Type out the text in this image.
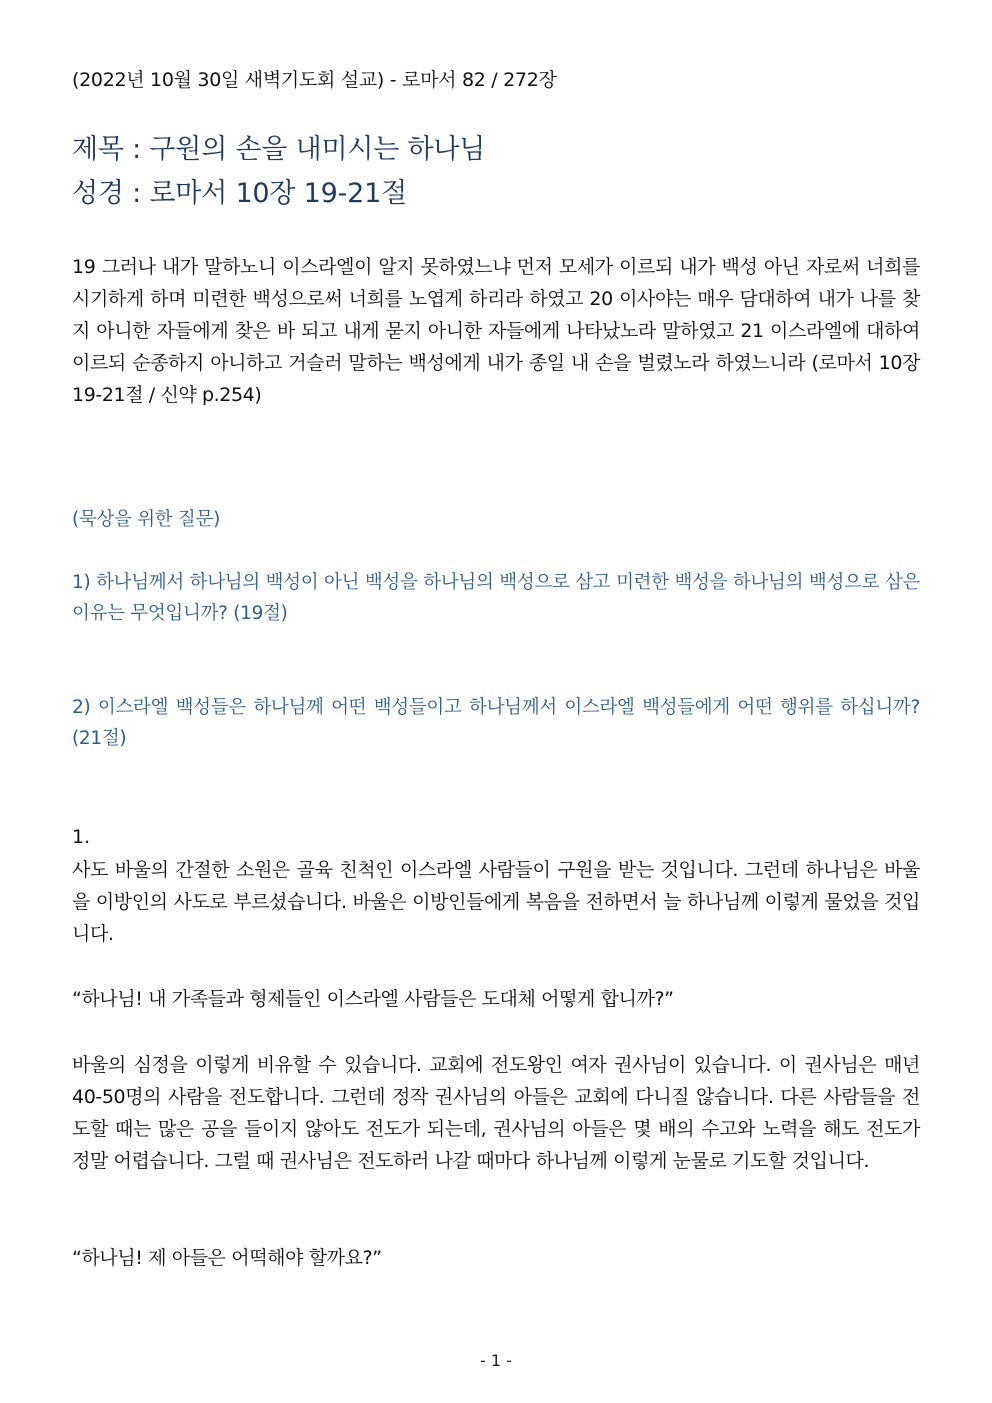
(2022년 10월 30일 새벽기도회 설교) - 로마서 82 / 272장

제목 : 구원의 손을 내미시는 하나님

성경 : 로마서 10장 19-21절

19 그러나 내가 말하노니 이스라엘이 알지 못하였느냐 먼저 모세가 이르되 내가 백성 아닌 자로써 너희를 시기하게 하며 미련한 백성으로써 너희를 노엽게 하리라 하였고 20 이사야는 매우 담대하여 내가 나를 찾지 아니한 자들에게 찾은 바 되고 내게 묻지 아니한 자들에게 나타났노라 말하였고 21 이스라엘에 대하여 이르되 순종하지 아니하고 거슬러 말하는 백성에게 내가 종일 내 손을 벌렸노라 하였느니라 (로마서 10장 19-21절 / 신약 p.254)

(묵상을 위한 질문)

1) 하나님께서 하나님의 백성이 아닌 백성을 하나님의 백성으로 삼고 미련한 백성을 하나님의 백성으로 삼은 이유는 무엇입니까? (19절)

2) 이스라엘 백성들은 하나님께 어떤 백성들이고 하나님께서 이스라엘 백성들에게 어떤 행위를 하십니까? (21절)

1.

사도 바울의 간절한 소원은 골육 친척인 이스라엘 사람들이 구원을 받는 것입니다. 그런데 하나님은 바울을 이방인의 사도로 부르셨습니다. 바울은 이방인들에게 복음을 전하면서 늘 하나님께 이렇게 물었을 것입니다.

“하나님! 내 가족들과 형제들인 이스라엘 사람들은 도대체 어떻게 합니까?”

바울의 심정을 이렇게 비유할 수 있습니다. 교회에 전도왕인 여자 권사님이 있습니다. 이 권사님은 매년 40-50명의 사람을 전도합니다. 그런데 정작 권사님의 아들은 교회에 다니질 않습니다. 다른 사람들을 전도할 때는 많은 공을 들이지 않아도 전도가 되는데, 권사님의 아들은 몇 배의 수고와 노력을 해도 전도가 정말 어렵습니다. 그럴 때 권사님은 전도하러 나갈 때마다 하나님께 이렇게 눈물로 기도할 것입니다.

“하나님! 제 아들은 어떡해야 할까요?”

- 1 -
